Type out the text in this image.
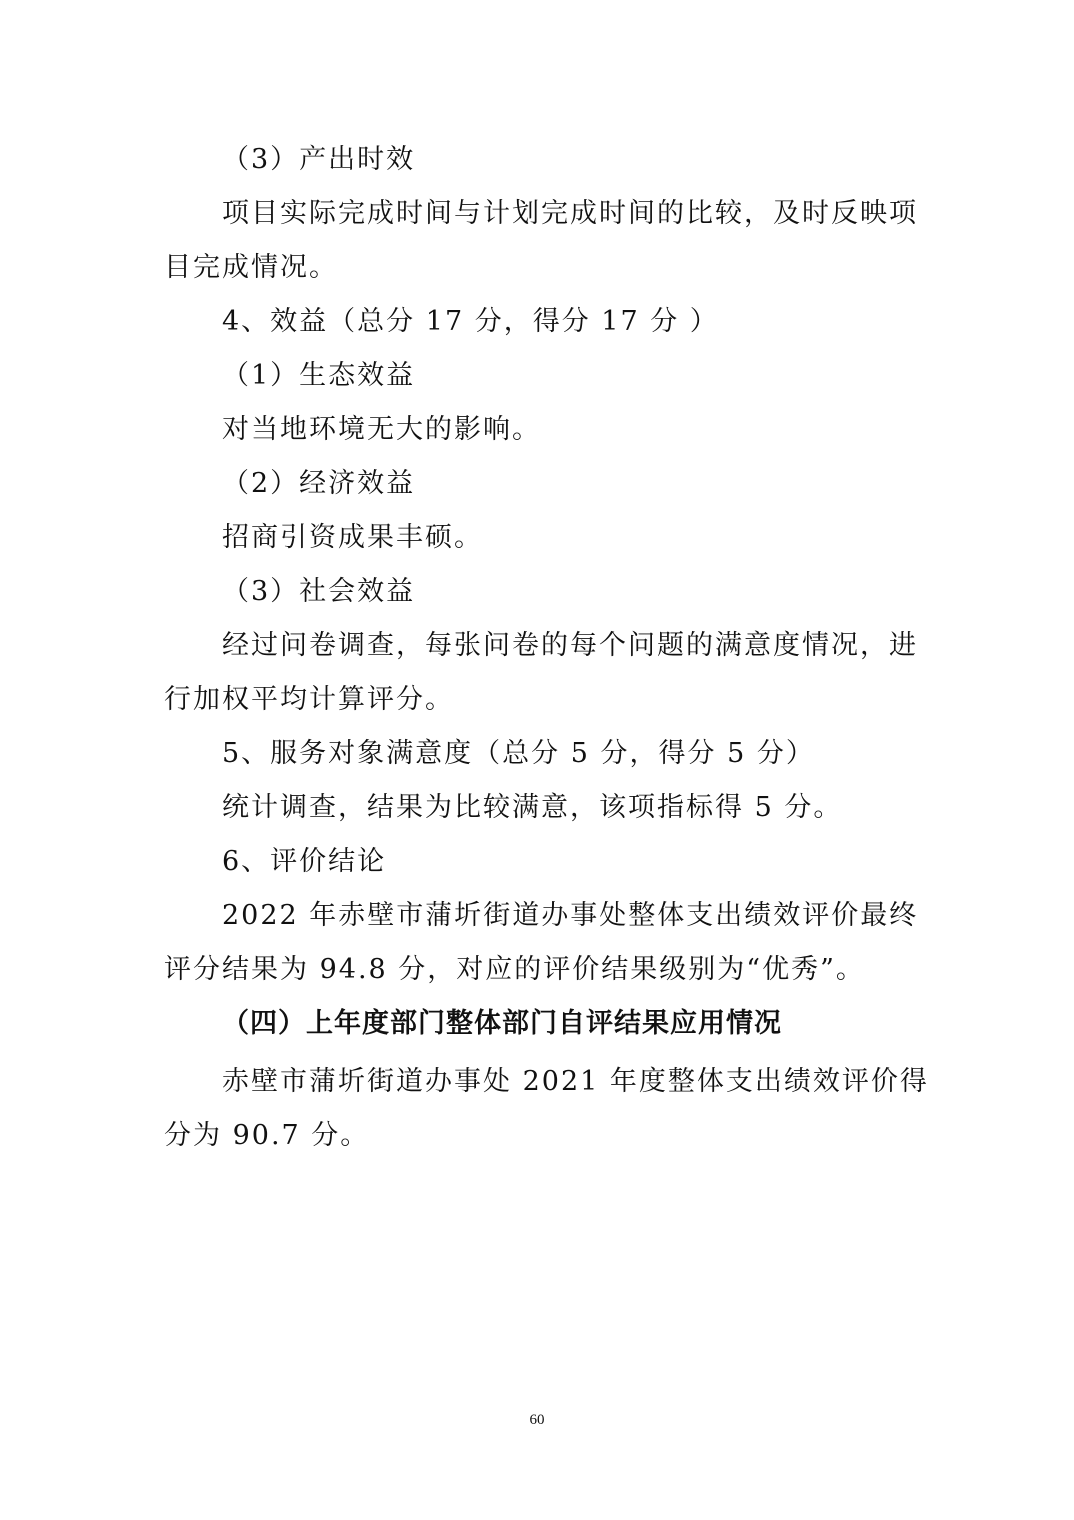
（3）产出时效
项目实际完成时间与计划完成时间的比较，及时反映项
目完成情况。
4、效益（总分 17 分，得分 17 分 ）
（1）生态效益
对当地环境无大的影响。
（2）经济效益
招商引资成果丰硕。
（3）社会效益
经过问卷调查，每张问卷的每个问题的满意度情况，进
行加权平均计算评分。
5、服务对象满意度（总分 5 分，得分 5 分）
统计调查，结果为比较满意，该项指标得 5 分。
6、评价结论
2022 年赤壁市蒲圻街道办事处整体支出绩效评价最终
评分结果为 94.8 分，对应的评价结果级别为“优秀”。
（四）上年度部门整体部门自评结果应用情况
赤壁市蒲圻街道办事处 2021 年度整体支出绩效评价得
分为 90.7 分。
60
